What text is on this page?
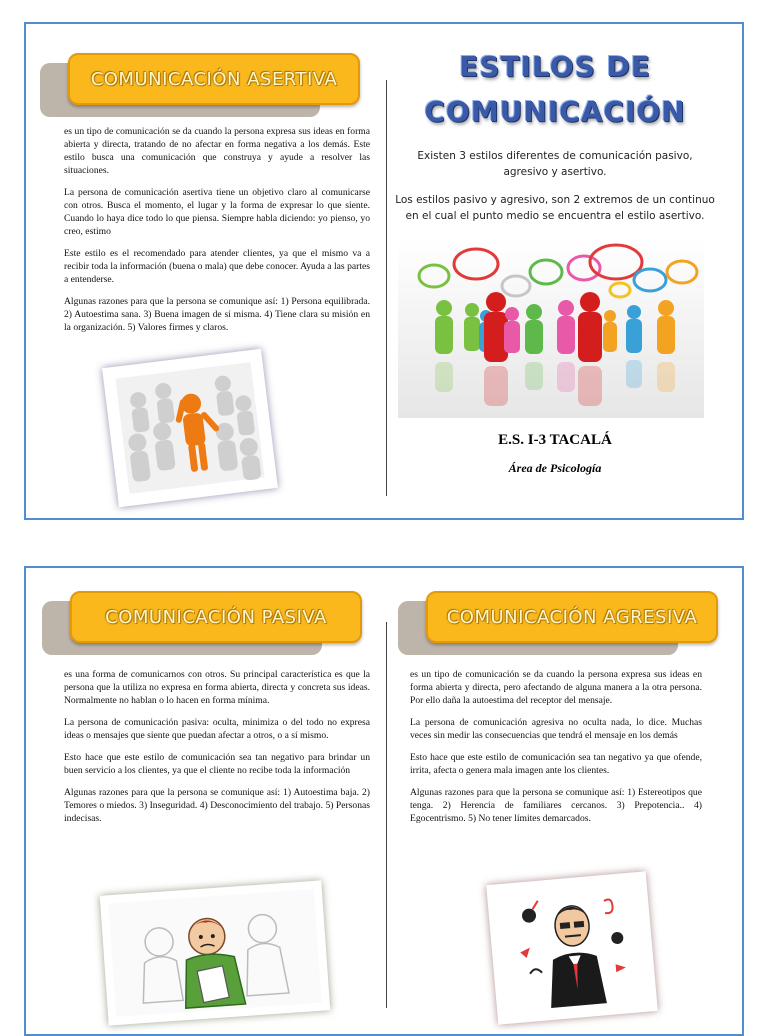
COMUNICACIÓN ASERTIVA

es un tipo de comunicación se da cuando la persona expresa sus ideas en forma abierta y directa, tratando de no afectar en forma negativa a los demás. Este estilo busca una comunicación que construya y ayude a resolver las situaciones.

La persona de comunicación asertiva tiene un objetivo claro al comunicarse con otros. Busca el momento, el lugar y la forma de expresar lo que siente. Cuando lo haya dice todo lo que piensa. Siempre habla diciendo: yo pienso, yo creo, estimo

Este estilo es el recomendado para atender clientes, ya que el mismo va a recibir toda la información (buena o mala) que debe conocer. Ayuda a las partes a entenderse.

Algunas razones para que la persona se comunique así: 1) Persona equilibrada. 2) Autoestima sana. 3) Buena imagen de sí misma. 4) Tiene clara su misión en la organización. 5) Valores firmes y claros.

ESTILOS DE
COMUNICACIÓN
Existen 3 estilos diferentes de comunicación pasivo, agresivo y asertivo.
Los estilos pasivo y agresivo, son 2 extremos de un continuo en el cual el punto medio se encuentra el estilo asertivo.
E.S. I-3 TACALÁ
Área de Psicología
COMUNICACIÓN PASIVA

es una forma de comunicarnos con otros. Su principal característica es que la persona que la utiliza no expresa en forma abierta, directa y concreta sus ideas. Normalmente no hablan o lo hacen en forma mínima.

La persona de comunicación pasiva: oculta, minimiza o del todo no expresa ideas o mensajes que siente que puedan afectar a otros, o a sí mismo.

Esto hace que este estilo de comunicación sea tan negativo para brindar un buen servicio a los clientes, ya que el cliente no recibe toda la información

Algunas razones para que la persona se comunique así: 1) Autoestima baja. 2) Temores o miedos. 3) Inseguridad. 4) Desconocimiento del trabajo. 5) Personas indecisas.

COMUNICACIÓN AGRESIVA

es un tipo de comunicación se da cuando la persona expresa sus ideas en forma abierta y directa, pero afectando de alguna manera a la otra persona. Por ello daña la autoestima del receptor del mensaje.

La persona de comunicación agresiva no oculta nada, lo dice. Muchas veces sin medir las consecuencias que tendrá el mensaje en los demás

Esto hace que este estilo de comunicación sea tan negativo ya que ofende, irrita, afecta o genera mala imagen ante los clientes.

Algunas razones para que la persona se comunique así: 1) Estereotipos que tenga. 2) Herencia de familiares cercanos. 3) Prepotencia.. 4) Egocentrismo. 5) No tener límites demarcados.
